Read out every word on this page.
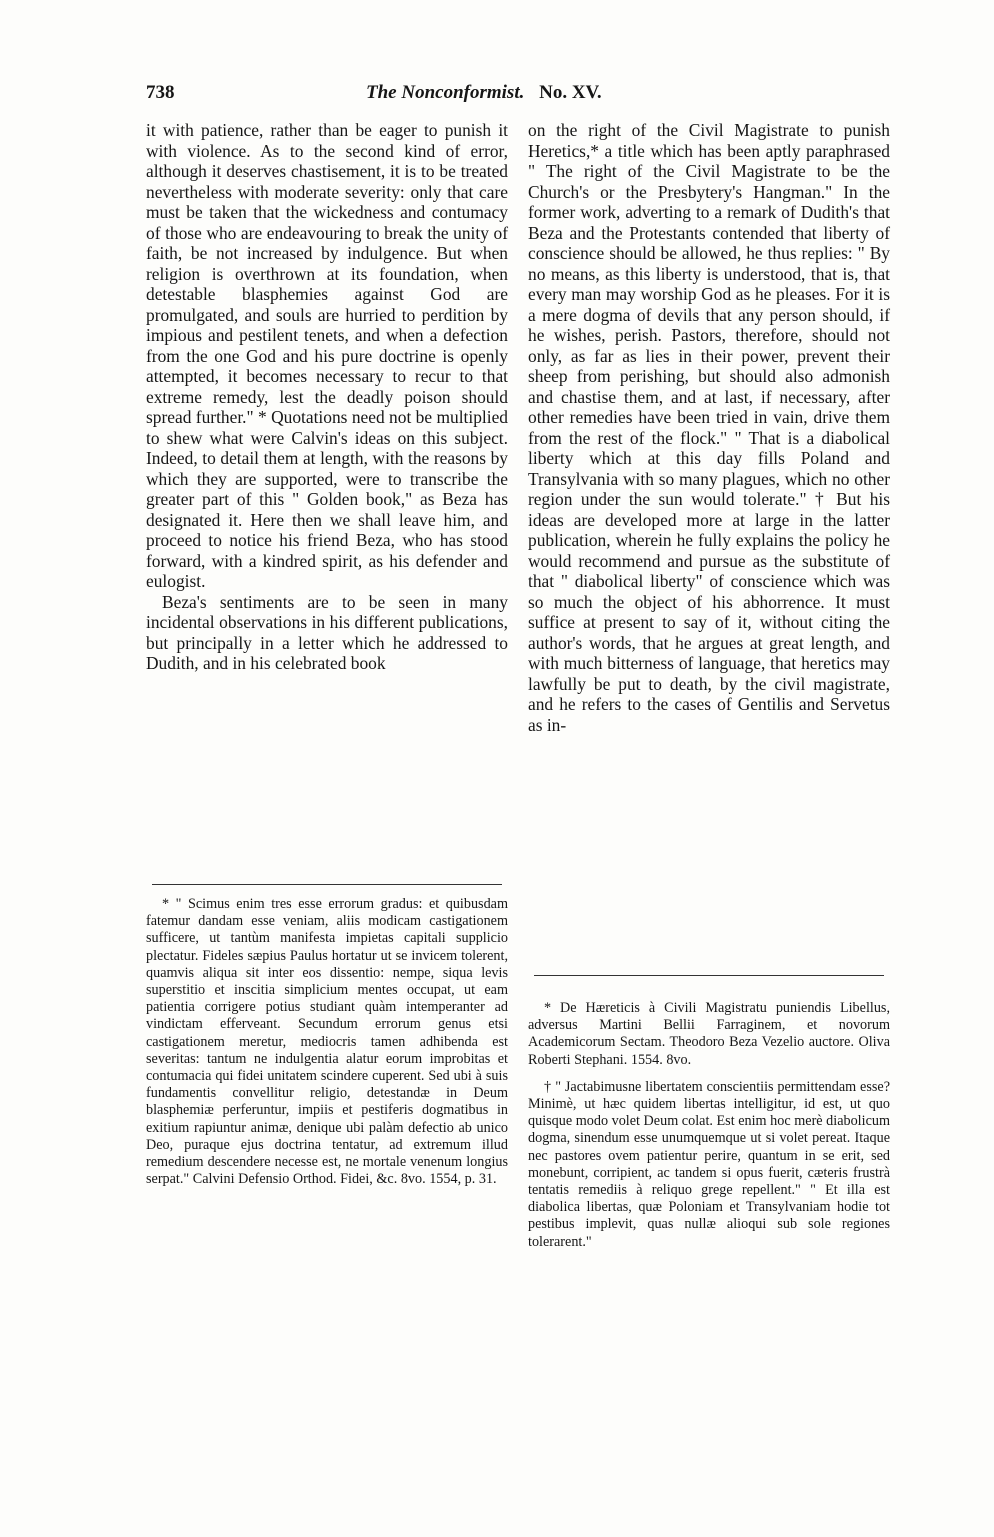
738	The Nonconformist. No. XV.

it with patience, rather than be eager to punish it with violence. As to the second kind of error, although it deserves chastisement, it is to be treated nevertheless with moderate severity: only that care must be taken that the wickedness and contumacy of those who are endeavouring to break the unity of faith, be not increased by indulgence. But when religion is overthrown at its foundation, when detestable blasphemies against God are promulgated, and souls are hurried to perdition by impious and pestilent tenets, and when a defection from the one God and his pure doctrine is openly attempted, it becomes necessary to recur to that extreme remedy, lest the deadly poison should spread further." * Quotations need not be multiplied to shew what were Calvin's ideas on this subject. Indeed, to detail them at length, with the reasons by which they are supported, were to transcribe the greater part of this " Golden book," as Beza has designated it. Here then we shall leave him, and proceed to notice his friend Beza, who has stood forward, with a kindred spirit, as his defender and eulogist.

Beza's sentiments are to be seen in many incidental observations in his different publications, but principally in a letter which he addressed to Dudith, and in his celebrated book

on the right of the Civil Magistrate to punish Heretics,* a title which has been aptly paraphrased " The right of the Civil Magistrate to be the Church's or the Presbytery's Hangman." In the former work, adverting to a remark of Dudith's that Beza and the Protestants contended that liberty of conscience should be allowed, he thus replies: " By no means, as this liberty is understood, that is, that every man may worship God as he pleases. For it is a mere dogma of devils that any person should, if he wishes, perish. Pastors, therefore, should not only, as far as lies in their power, prevent their sheep from perishing, but should also admonish and chastise them, and at last, if necessary, after other remedies have been tried in vain, drive them from the rest of the flock." " That is a diabolical liberty which at this day fills Poland and Transylvania with so many plagues, which no other region under the sun would tolerate." † But his ideas are developed more at large in the latter publication, wherein he fully explains the policy he would recommend and pursue as the substitute of that " diabolical liberty" of conscience which was so much the object of his abhorrence. It must suffice at present to say of it, without citing the author's words, that he argues at great length, and with much bitterness of language, that heretics may lawfully be put to death, by the civil magistrate, and he refers to the cases of Gentilis and Servetus as in-

* " Scimus enim tres esse errorum gradus: et quibusdam fatemur dandam esse veniam, aliis modicam castigationem sufficere, ut tantùm manifesta impietas capitali supplicio plectatur. Fideles sæpius Paulus hortatur ut se invicem tolerent, quamvis aliqua sit inter eos dissentio: nempe, siqua levis superstitio et inscitia simplicium mentes occupat, ut eam patientia corrigere potius studiant quàm intemperanter ad vindictam efferveant. Secundum errorum genus etsi castigationem meretur, mediocris tamen adhibenda est severitas: tantum ne indulgentia alatur eorum improbitas et contumacia qui fidei unitatem scindere cuperent. Sed ubi à suis fundamentis convellitur religio, detestandæ in Deum blasphemiæ perferuntur, impiis et pestiferis dogmatibus in exitium rapiuntur animæ, denique ubi palàm defectio ab unico Deo, puraque ejus doctrina tentatur, ad extremum illud remedium descendere necesse est, ne mortale venenum longius serpat." Calvini Defensio Orthod. Fidei, &c. 8vo. 1554, p. 31.

* De Hæreticis à Civili Magistratu puniendis Libellus, adversus Martini Bellii Farraginem, et novorum Academicorum Sectam. Theodoro Beza Vezelio auctore. Oliva Roberti Stephani. 1554. 8vo.

† " Jactabimusne libertatem conscientiis permittendam esse? Minimè, ut hæc quidem libertas intelligitur, id est, ut quo quisque modo volet Deum colat. Est enim hoc merè diabolicum dogma, sinendum esse unumquemque ut si volet pereat. Itaque nec pastores ovem patientur perire, quantum in se erit, sed monebunt, corripient, ac tandem si opus fuerit, cæteris frustrà tentatis remediis à reliquo grege repellent." " Et illa est diabolica libertas, quæ Poloniam et Transylvaniam hodie tot pestibus implevit, quas nullæ alioqui sub sole regiones tolerarent."
